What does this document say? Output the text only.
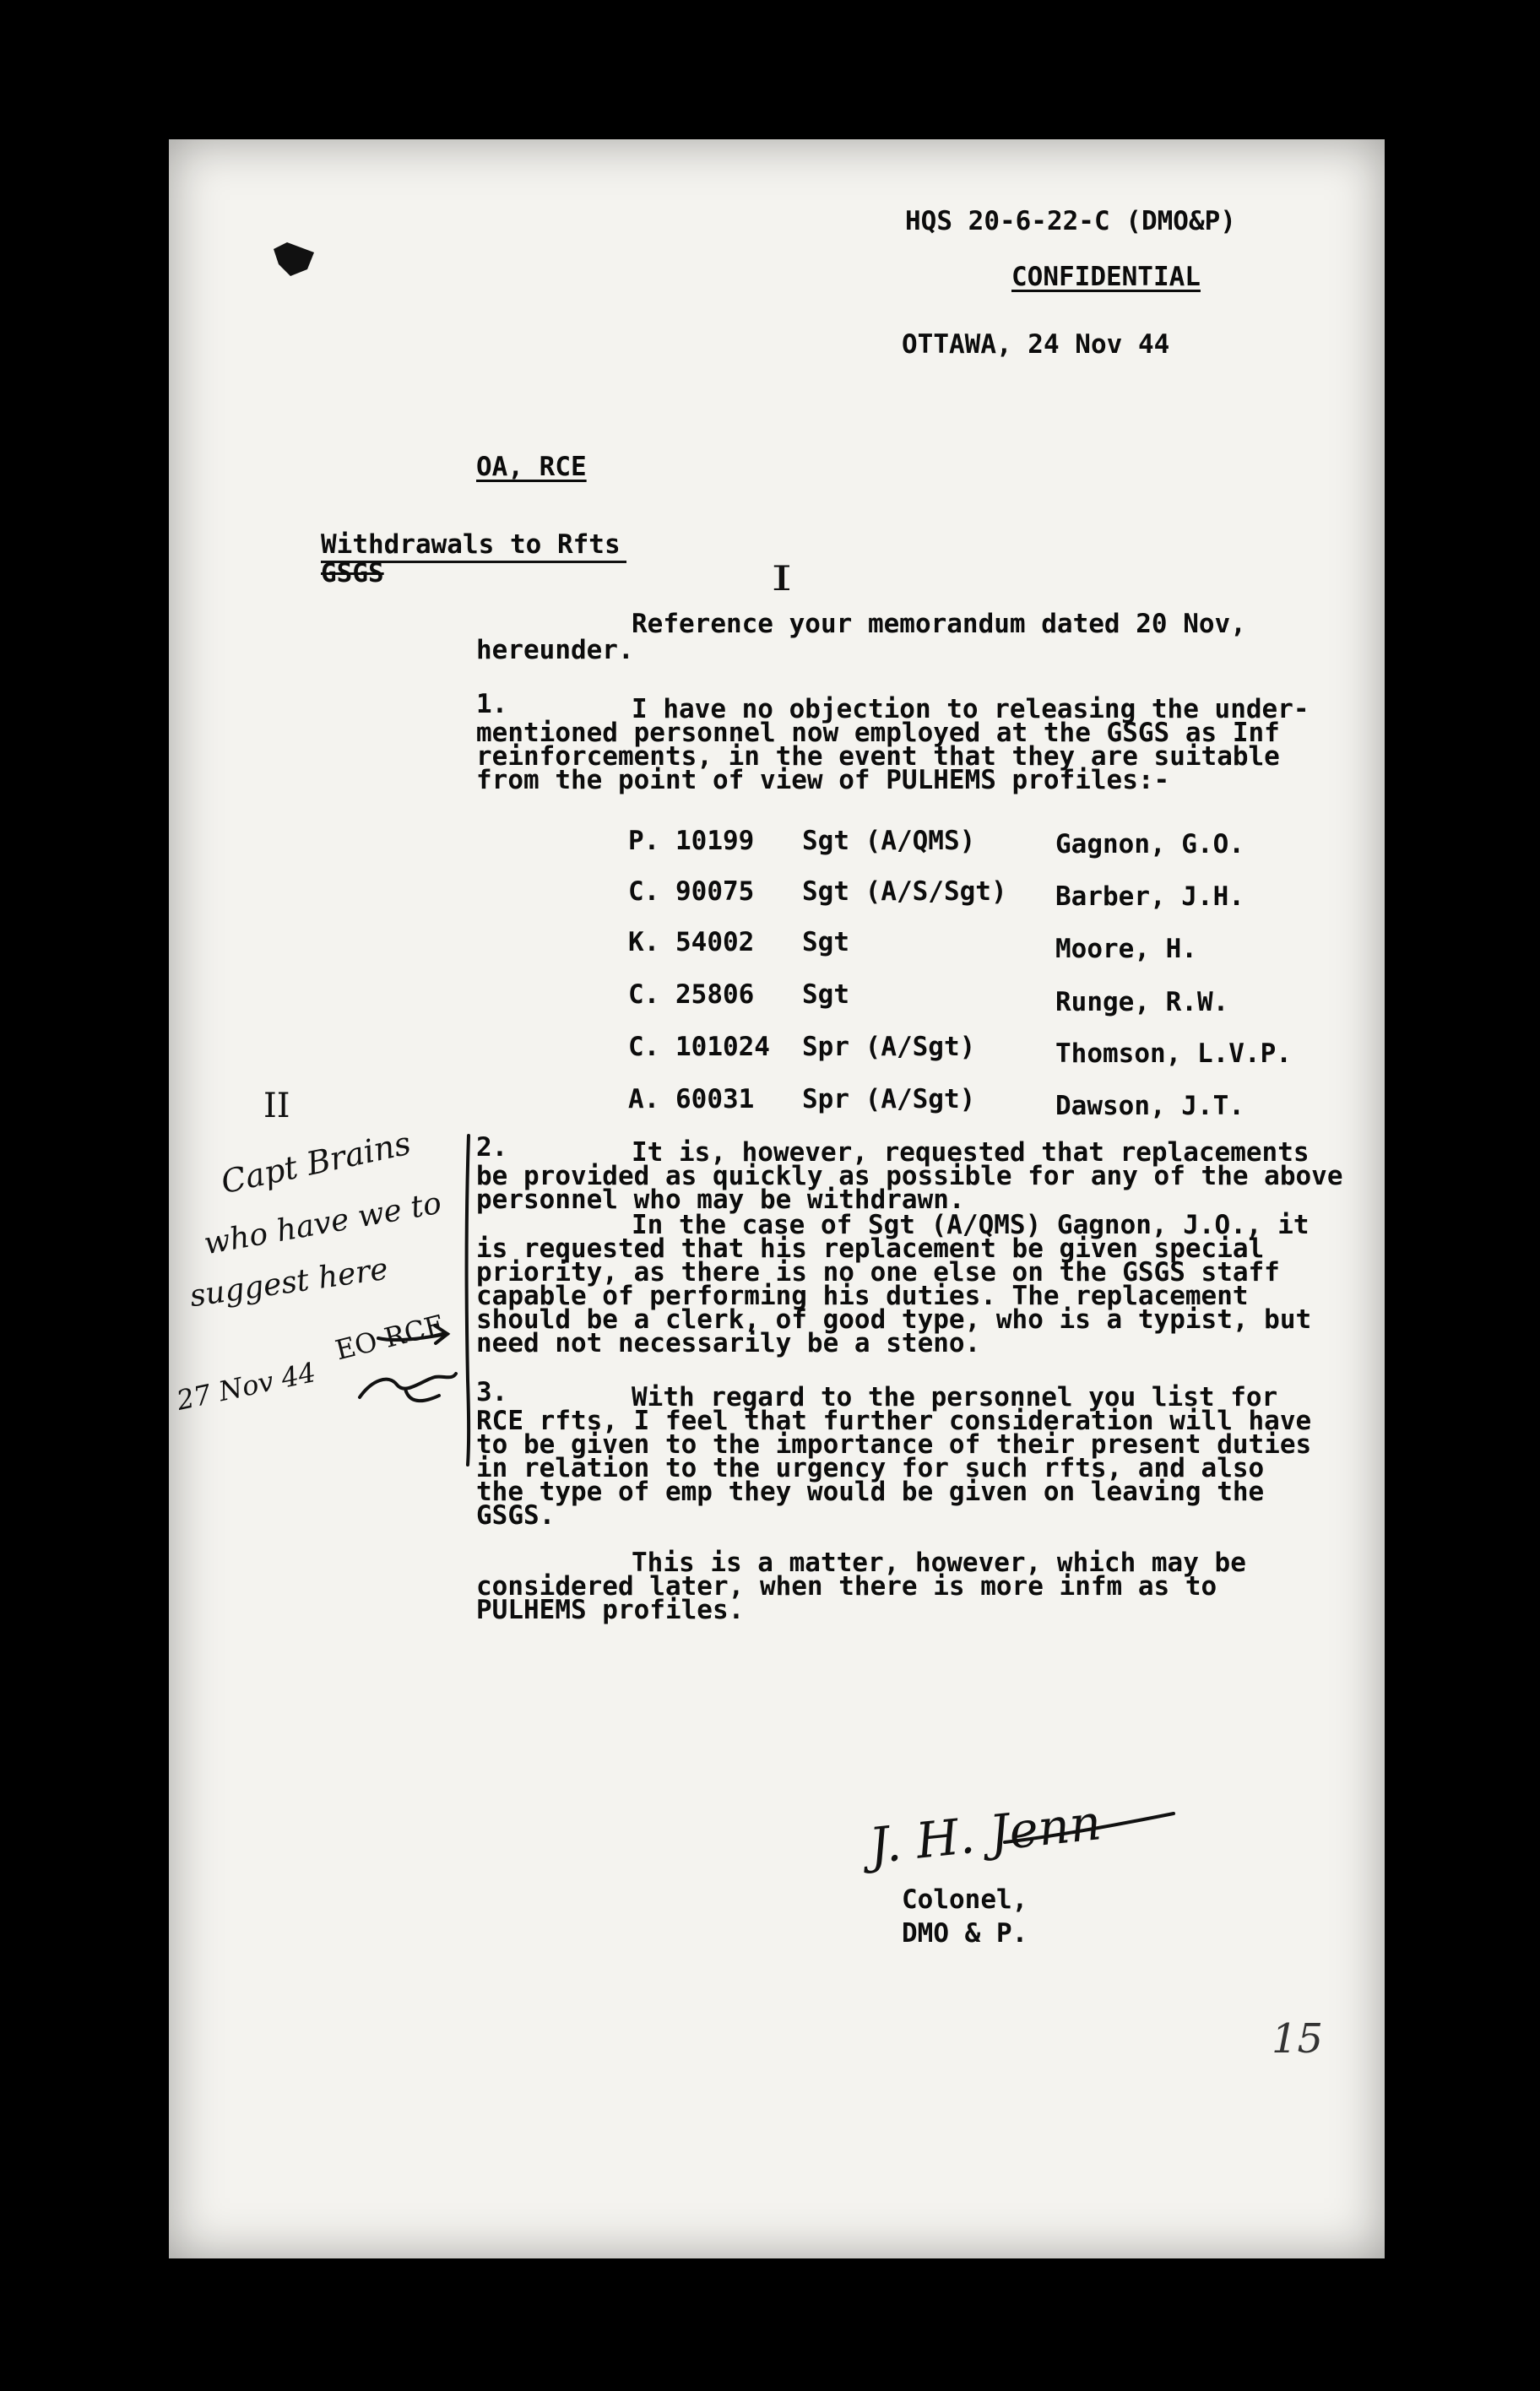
HQS 20-6-22-C (DMO&P)
CONFIDENTIAL
OTTAWA, 24 Nov 44
OA, RCE
Withdrawals to Rfts
GSGS	I
Reference your memorandum dated 20 Nov,
hereunder.
1.	I have no objection to releasing the under-
mentioned personnel now employed at the GSGS as Inf
reinforcements, in the event that they are suitable
from the point of view of PULHEMS profiles:-
P. 10199 Sgt (A/QMS)	Gagnon, G.O.
C. 90075 Sgt (A/S/Sgt) Barber, J.H.
K. 54002 Sgt	Moore, H.
C. 25806 Sgt	Runge, R.W.
C. 101024 Spr (A/Sgt)	Thomson, L.V.P.
A. 60031 Spr (A/Sgt)	Dawson, J.T.
2.	It is, however, requested that replacements
be provided as quickly as possible for any of the above
personnel who may be withdrawn.
In the case of Sgt (A/QMS) Gagnon, J.O., it
is requested that his replacement be given special
priority, as there is no one else on the GSGS staff
capable of performing his duties. The replacement
should be a clerk, of good type, who is a typist, but
need not necessarily be a steno.
3.	With regard to the personnel you list for
RCE rfts, I feel that further consideration will have
to be given to the importance of their present duties
in relation to the urgency for such rfts, and also
the type of emp they would be given on leaving the
GSGS.
This is a matter, however, which may be
considered later, when there is more infm as to
PULHEMS profiles.
II
Capt Brains
who have we to
suggest here
27 Nov 44
EO RCE
J. H. Jenn
Colonel,
DMO & P.
15
